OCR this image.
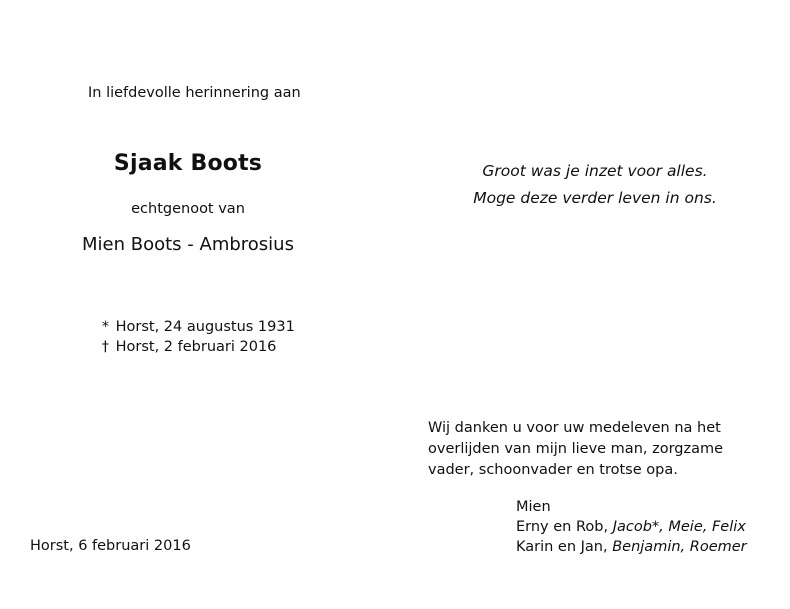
In liefdevolle herinnering aan
Sjaak Boots
echtgenoot van
Mien Boots - Ambrosius
* Horst, 24 augustus 1931
† Horst, 2 februari 2016
Groot was je inzet voor alles.
Moge deze verder leven in ons.
Wij danken u voor uw medeleven na het
overlijden van mijn lieve man, zorgzame
vader, schoonvader en trotse opa.
Mien
Erny en Rob, Jacob*, Meie, Felix
Karin en Jan, Benjamin, Roemer
Horst, 6 februari 2016
